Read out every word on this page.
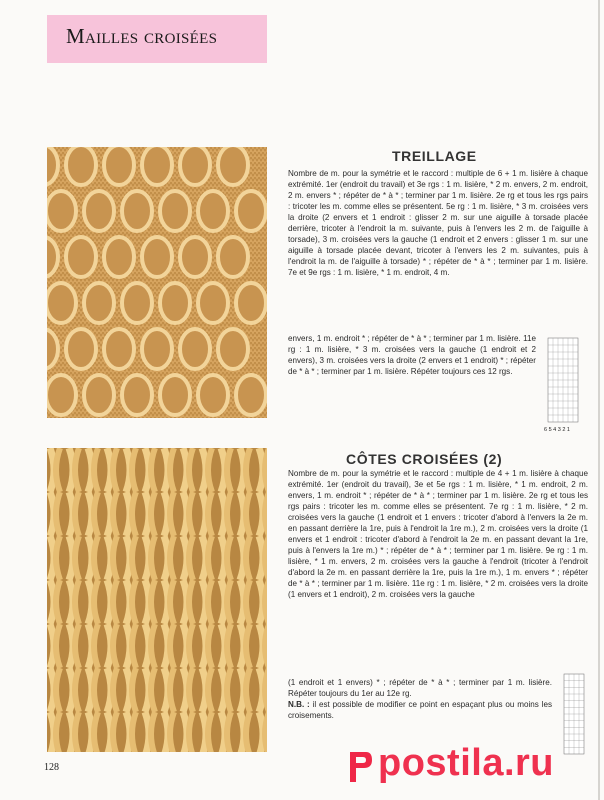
Mailles croisées
TREILLAGE
Nombre de m. pour la symétrie et le raccord : multiple de 6 + 1 m. lisière à chaque extrémité. 1er (endroit du travail) et 3e rgs : 1 m. lisière, * 2 m. envers, 2 m. endroit, 2 m. envers * ; répéter de * à * ; terminer par 1 m. lisière. 2e rg et tous les rgs pairs : tricoter les m. comme elles se présentent. 5e rg : 1 m. lisière, * 3 m. croisées vers la droite (2 envers et 1 endroit : glisser 2 m. sur une aiguille à torsade placée derrière, tricoter à l'endroit la m. suivante, puis à l'envers les 2 m. de l'aiguille à torsade), 3 m. croisées vers la gauche (1 endroit et 2 envers : glisser 1 m. sur une aiguille à torsade placée devant, tricoter à l'envers les 2 m. suivantes, puis à l'endroit la m. de l'aiguille à torsade) * ; répéter de * à * ; terminer par 1 m. lisière. 7e et 9e rgs : 1 m. lisière, * 1 m. endroit, 4 m.
envers, 1 m. endroit * ; répéter de * à * ; terminer par 1 m. lisière. 11e rg : 1 m. lisière, * 3 m. croisées vers la gauche (1 endroit et 2 envers), 3 m. croisées vers la droite (2 envers et 1 endroit) * ; répéter de * à * ; terminer par 1 m. lisière. Répéter toujours ces 12 rgs.
6 5 4 3 2 1
CÔTES CROISÉES (2)
Nombre de m. pour la symétrie et le raccord : multiple de 4 + 1 m. lisière à chaque extrémité. 1er (endroit du travail), 3e et 5e rgs : 1 m. lisière, * 1 m. endroit, 2 m. envers, 1 m. endroit * ; répéter de * à * ; terminer par 1 m. lisière. 2e rg et tous les rgs pairs : tricoter les m. comme elles se présentent. 7e rg : 1 m. lisière, * 2 m. croisées vers la gauche (1 endroit et 1 envers : tricoter d'abord à l'envers la 2e m. en passant derrière la 1re, puis à l'endroit la 1re m.), 2 m. croisées vers la droite (1 envers et 1 endroit : tricoter d'abord à l'endroit la 2e m. en passant devant la 1re, puis à l'envers la 1re m.) * ; répéter de * à * ; terminer par 1 m. lisière. 9e rg : 1 m. lisière, * 1 m. envers, 2 m. croisées vers la gauche à l'endroit (tricoter à l'endroit d'abord la 2e m. en passant derrière la 1re, puis la 1re m.), 1 m. envers * ; répéter de * à * ; terminer par 1 m. lisière. 11e rg : 1 m. lisière, * 2 m. croisées vers la droite (1 envers et 1 endroit), 2 m. croisées vers la gauche
(1 endroit et 1 envers) * ; répéter de * à * ; terminer par 1 m. lisière. Répéter toujours du 1er au 12e rg.
N.B. : il est possible de modifier ce point en espaçant plus ou moins les croisements.
128	postila.ru
